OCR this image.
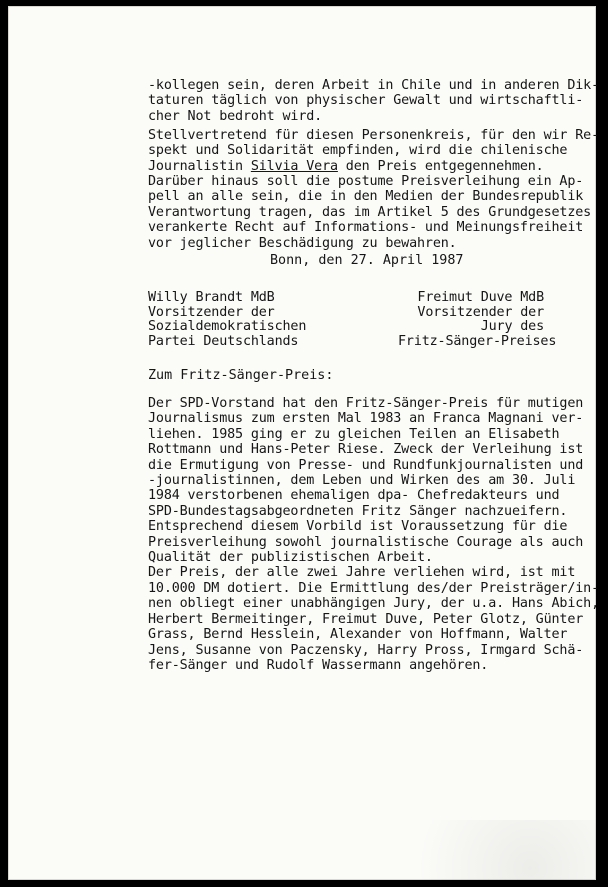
-kollegen sein, deren Arbeit in Chile und in anderen Dik-
taturen täglich von physischer Gewalt und wirtschaftli-
cher Not bedroht wird.

Stellvertretend für diesen Personenkreis, für den wir Re-
spekt und Solidarität empfinden, wird die chilenische
Journalistin Silvia Vera den Preis entgegennehmen.

Darüber hinaus soll die postume Preisverleihung ein Ap-
pell an alle sein, die in den Medien der Bundesrepublik
Verantwortung tragen, das im Artikel 5 des Grundgesetzes
verankerte Recht auf Informations- und Meinungsfreiheit
vor jeglicher Beschädigung zu bewahren.

Bonn, den 27. April 1987
Willy Brandt MdB
Vorsitzender der
Sozialdemokratischen
Partei Deutschlands
Freimut Duve MdB
Vorsitzender der
Jury des
Fritz-Sänger-Preises
Zum Fritz-Sänger-Preis:

Der SPD-Vorstand hat den Fritz-Sänger-Preis für mutigen
Journalismus zum ersten Mal 1983 an Franca Magnani ver-
liehen. 1985 ging er zu gleichen Teilen an Elisabeth
Rottmann und Hans-Peter Riese. Zweck der Verleihung ist
die Ermutigung von Presse- und Rundfunkjournalisten und
-journalistinnen, dem Leben und Wirken des am 30. Juli
1984 verstorbenen ehemaligen dpa- Chefredakteurs und
SPD-Bundestagsabgeordneten Fritz Sänger nachzueifern.
Entsprechend diesem Vorbild ist Voraussetzung für die
Preisverleihung sowohl journalistische Courage als auch
Qualität der publizistischen Arbeit.
Der Preis, der alle zwei Jahre verliehen wird, ist mit
10.000 DM dotiert. Die Ermittlung des/der Preisträger/in-
nen obliegt einer unabhängigen Jury, der u.a. Hans Abich,
Herbert Bermeitinger, Freimut Duve, Peter Glotz, Günter
Grass, Bernd Hesslein, Alexander von Hoffmann, Walter
Jens, Susanne von Paczensky, Harry Pross, Irmgard Schä-
fer-Sänger und Rudolf Wassermann angehören.
